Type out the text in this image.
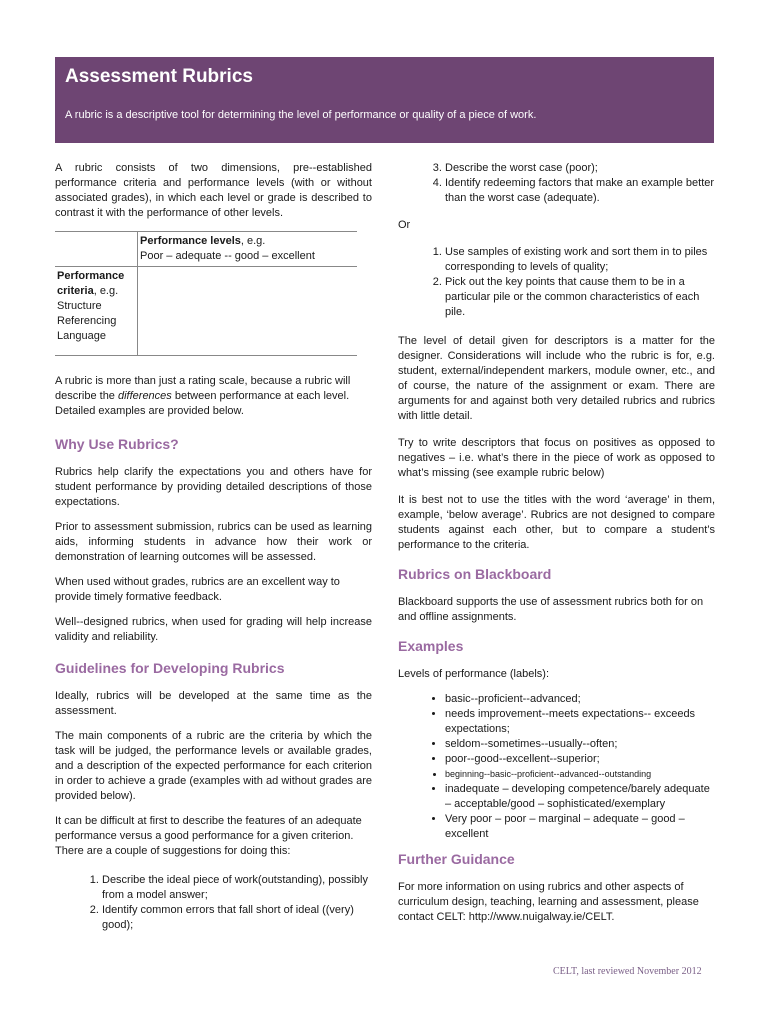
Assessment Rubrics

A rubric is a descriptive tool for determining the level of performance or quality of a piece of work.

A rubric consists of two dimensions, pre-‐established performance criteria and performance levels (with or without associated grades), in which each level or grade is described to contrast it with the performance of other levels.

	Performance levels, e.g.
Poor – adequate -- good – excellent
Performance criteria, e.g.
Structure
Referencing
Language	

A rubric is more than just a rating scale, because a rubric will describe the differences between performance at each level. Detailed examples are provided below.

Why Use Rubrics?

Rubrics help clarify the expectations you and others have for student performance by providing detailed descriptions of those expectations.

Prior to assessment submission, rubrics can be used as learning aids, informing students in advance how their work or demonstration of learning outcomes will be assessed.

When used without grades, rubrics are an excellent way to provide timely formative feedback.

Well-‐designed rubrics, when used for grading will help increase validity and reliability.

Guidelines for Developing Rubrics

Ideally, rubrics will be developed at the same time as the assessment.

The main components of a rubric are the criteria by which the task will be judged, the performance levels or available grades, and a description of the expected performance for each criterion in order to achieve a grade (examples with ad without grades are provided below).

It can be difficult at first to describe the features of an adequate performance versus a good performance for a given criterion. There are a couple of suggestions for doing this:

1. Describe the ideal piece of work(outstanding), possibly from a model answer;
2. Identify common errors that fall short of ideal ((very) good);
3. Describe the worst case (poor);
4. Identify redeeming factors that make an example better than the worst case (adequate).

Or

1. Use samples of existing work and sort them in to piles corresponding to levels of quality;
2. Pick out the key points that cause them to be in a particular pile or the common characteristics of each pile.

The level of detail given for descriptors is a matter for the designer. Considerations will include who the rubric is for, e.g. student, external/independent markers, module owner, etc., and of course, the nature of the assignment or exam. There are arguments for and against both very detailed rubrics and rubrics with little detail.

Try to write descriptors that focus on positives as opposed to negatives – i.e. what’s there in the piece of work as opposed to what’s missing (see example rubric below)

It is best not to use the titles with the word ‘average’ in them, example, ‘below average’. Rubrics are not designed to compare students against each other, but to compare a student’s performance to the criteria.

Rubrics on Blackboard

Blackboard supports the use of assessment rubrics both for on and offline assignments.

Examples

Levels of performance (labels):

• basic-‐proficient-‐advanced;
• needs improvement-‐meets expectations-‐ exceeds expectations;
• seldom-‐sometimes-‐usually-‐often;
• poor-‐good-‐excellent-‐superior;
• beginning-‐basic-‐proficient-‐advanced-‐outstanding
• inadequate – developing competence/barely adequate – acceptable/good – sophisticated/exemplary
• Very poor – poor – marginal – adequate – good – excellent
Further Guidance

For more information on using rubrics and other aspects of curriculum design, teaching, learning and assessment, please contact CELT: http://www.nuigalway.ie/CELT.

CELT, last reviewed November 2012
